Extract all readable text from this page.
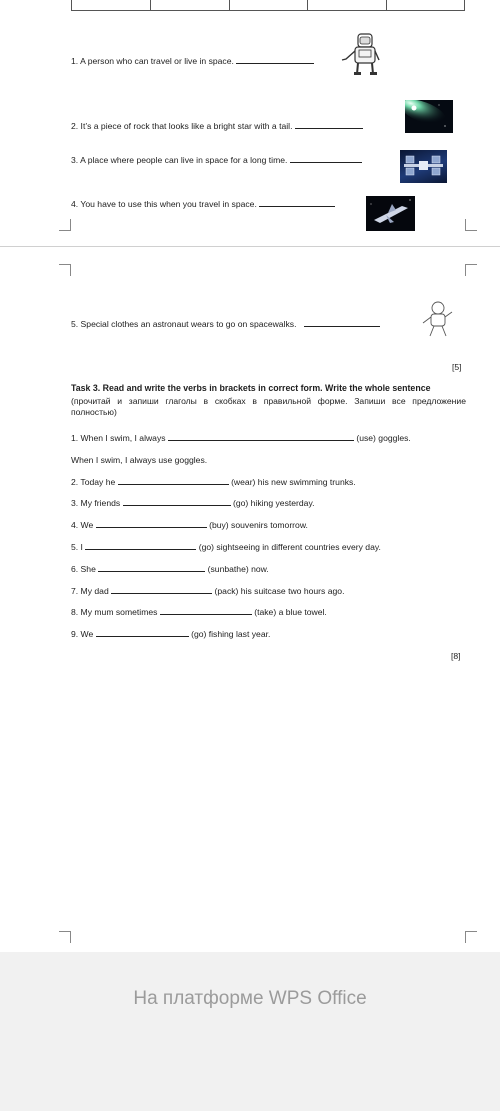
1. A person who can travel or live in space.
2. It’s a piece of rock that looks like a bright star with a tail.
3. A place where people can live in space for a long time.
4. You have to use this when you travel in space.
5. Special clothes an astronaut wears to go on spacewalks.
[5]
Task 3. Read and write the verbs in brackets in correct form. Write the whole sentence
(прочитай и запиши глаголы в скобках в правильной форме. Запиши все предложение полностью)
1. When I swim, I always	(use) goggles.
When I swim, I always use goggles.
2. Today he	(wear) his new swimming trunks.
3. My friends	(go) hiking yesterday.
4. We	(buy) souvenirs tomorrow.
5. I	(go) sightseeing in different countries every day.
6. She	(sunbathe) now.
7. My dad	(pack) his suitcase two hours ago.
8. My mum sometimes	(take) a blue towel.
9. We	(go) fishing last year.
[8]
На платформе WPS Office
